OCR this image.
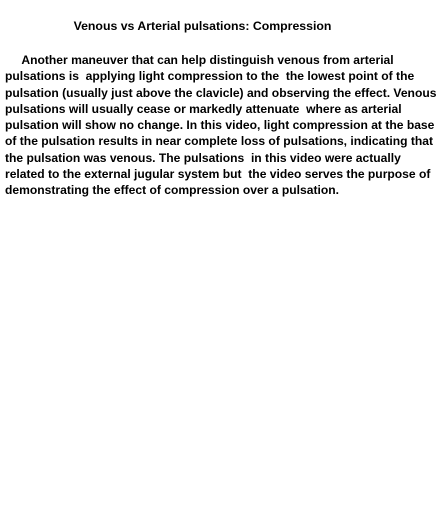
Venous vs Arterial pulsations: Compression
Another maneuver that can help distinguish venous from arterial
pulsations is  applying light compression to the  the lowest point of the
pulsation (usually just above the clavicle) and observing the effect. Venous
pulsations will usually cease or markedly attenuate  where as arterial
pulsation will show no change. In this video, light compression at the base
of the pulsation results in near complete loss of pulsations, indicating that
the pulsation was venous. The pulsations  in this video were actually
related to the external jugular system but  the video serves the purpose of
demonstrating the effect of compression over a pulsation.
